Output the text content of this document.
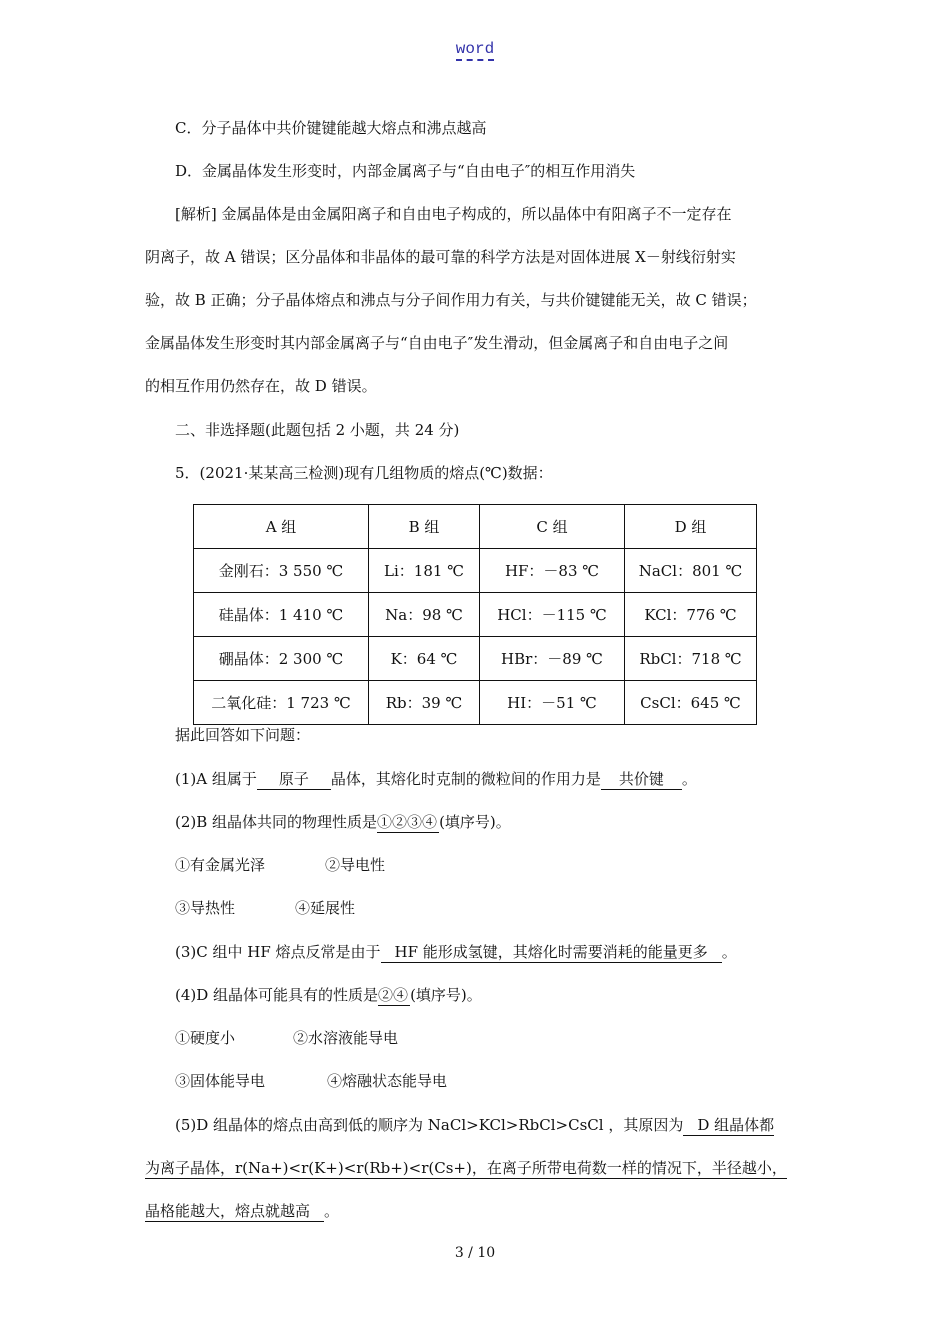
word
C．分子晶体中共价键键能越大熔点和沸点越高
D．金属晶体发生形变时，内部金属离子与“自由电子″的相互作用消失
[解析] 金属晶体是由金属阳离子和自由电子构成的，所以晶体中有阳离子不一定存在
阴离子，故 A 错误；区分晶体和非晶体的最可靠的科学方法是对固体进展 X－射线衍射实
验，故 B 正确；分子晶体熔点和沸点与分子间作用力有关，与共价键键能无关，故 C 错误；
金属晶体发生形变时其内部金属离子与“自由电子″发生滑动，但金属离子和自由电子之间
的相互作用仍然存在，故 D 错误。
二、非选择题(此题包括 2 小题，共 24 分)
5．(2021·某某高三检测)现有几组物质的熔点(℃)数据：
A 组	B 组	C 组	D 组
金刚石：3 550 ℃	Li：181 ℃	HF：－83 ℃	NaCl：801 ℃
硅晶体：1 410 ℃	Na：98 ℃	HCl：－115 ℃	KCl：776 ℃
硼晶体：2 300 ℃	K：64 ℃	HBr：－89 ℃	RbCl：718 ℃
二氧化硅：1 723 ℃	Rb：39 ℃	HI：－51 ℃	CsCl：645 ℃
据此回答如下问题：
(1)A 组属于 原子 晶体，其熔化时克制的微粒间的作用力是 共价键 。
(2)B 组晶体共同的物理性质是①②③④ (填序号)。
①有金属光泽	②导电性
③导热性	④延展性
(3)C 组中 HF 熔点反常是由于 HF 能形成氢键，其熔化时需要消耗的能量更多 。
(4)D 组晶体可能具有的性质是②④ (填序号)。
①硬度小	②水溶液能导电
③固体能导电	④熔融状态能导电
(5)D 组晶体的熔点由高到低的顺序为 NaCl>KCl>RbCl>CsCl ，其原因为 D 组晶体都
为离子晶体，r(Na+)<r(K+)<r(Rb+)<r(Cs+)，在离子所带电荷数一样的情况下，半径越小，
晶格能越大，熔点就越高 。
3 / 10
